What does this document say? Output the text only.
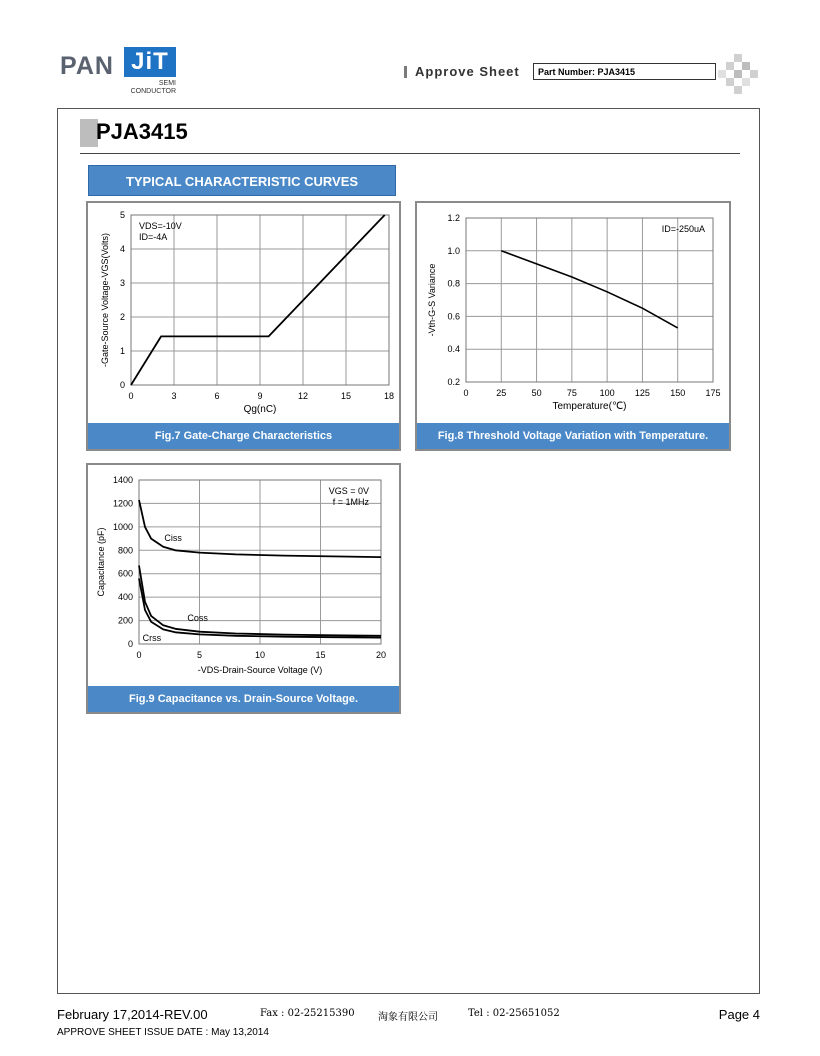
PAN JiT
SEMI
CONDUCTOR
Approve Sheet	Part Number: PJA3415
PJA3415
TYPICAL CHARACTERISTIC CURVES
0	3	6	9	12	15	18
0
1
2
3
4
5
Qg(nC)
-Gate-Source Voltage-VGS(Volts)
VDS=-10V
ID=-4A
Fig.7 Gate-Charge Characteristics
0	25	50	75	100 125 150 175
0.2
0.4
0.6
0.8
1.0
1.2
Temperature(℃)
-Vth-G-S Variance
ID=-250uA
Fig.8 Threshold Voltage Variation with Temperature.
0	5	10	15	20
0
200
400
600
800
1000
1200
1400
-VDS-Drain-Source Voltage (V)
Capacitance (pF)
VGS = 0V
f = 1MHz
Ciss
Coss
Crss
Fig.9 Capacitance vs. Drain-Source Voltage.
February 17,2014-REV.00	Fax : 02-25215390 淘象有限公司	Tel : 02-25651052	Page 4
APPROVE SHEET ISSUE DATE : May 13,2014
